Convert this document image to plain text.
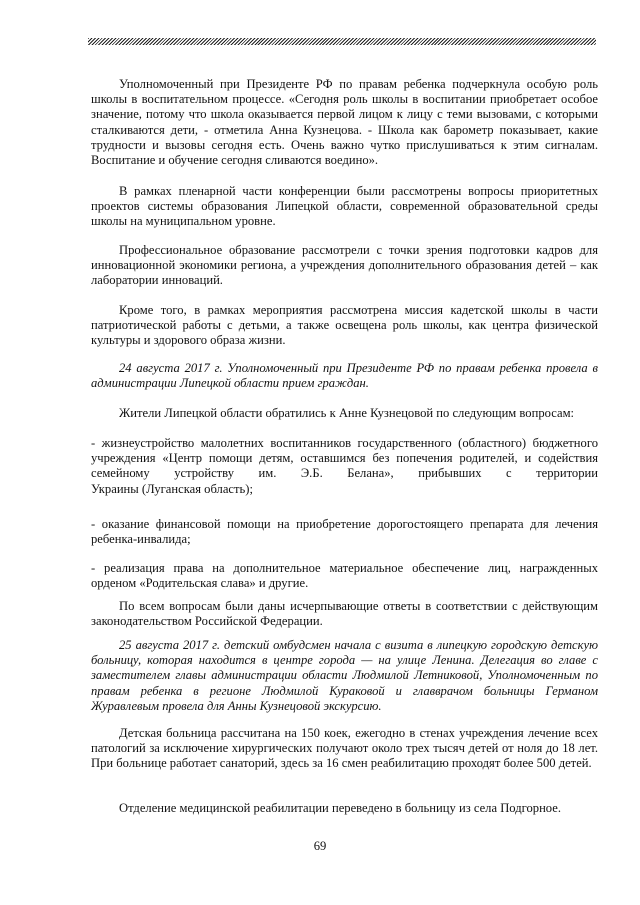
Уполномоченный при Президенте РФ по правам ребенка подчеркнула особую роль школы в воспитательном процессе. «Сегодня роль школы в воспитании приобретает особое значение, потому что школа оказывается первой лицом к лицу с теми вызовами, с которыми сталкиваются дети, - отметила Анна Кузнецова. - Школа как барометр показывает, какие трудности и вызовы сегодня есть. Очень важно чутко прислушиваться к этим сигналам. Воспитание и обучение сегодня сливаются воедино».

В рамках пленарной части конференции были рассмотрены вопросы приоритетных проектов системы образования Липецкой области, современной образовательной среды школы на муниципальном уровне.

Профессиональное образование рассмотрели с точки зрения подготовки кадров для инновационной экономики региона, а учреждения дополнительного образования детей – как лаборатории инноваций.

Кроме того, в рамках мероприятия рассмотрена миссия кадетской школы в части патриотической работы с детьми, а также освещена роль школы, как центра физической культуры и здорового образа жизни.

24 августа 2017 г. Уполномоченный при Президенте РФ по правам ребенка провела в администрации Липецкой области прием граждан.

Жители Липецкой области обратились к Анне Кузнецовой по следующим вопросам:

- жизнеустройство малолетних воспитанников государственного (областного) бюджетного учреждения «Центр помощи детям, оставшимся без попечения родителей, и содействия семейному устройству им. Э.Б. Белана», прибывших с территории
Украины (Луганская область);

- оказание финансовой помощи на приобретение дорогостоящего препарата для лечения ребенка-инвалида;

- реализация права на дополнительное материальное обеспечение лиц, награжденных орденом «Родительская слава» и другие.

По всем вопросам были даны исчерпывающие ответы в соответствии с действующим законодательством Российской Федерации.

25 августа 2017 г. детский омбудсмен начала с визита в липецкую городскую детскую больницу, которая находится в центре города — на улице Ленина. Делегация во главе с заместителем главы администрации области Людмилой Летниковой, Уполномоченным по правам ребенка в регионе Людмилой Кураковой и главврачом больницы Германом Журавлевым провела для Анны Кузнецовой экскурсию.

Детская больница рассчитана на 150 коек, ежегодно в стенах учреждения лечение всех патологий за исключение хирургических получают около трех тысяч детей от ноля до 18 лет. При больнице работает санаторий, здесь за 16 смен реабилитацию проходят более 500 детей.

Отделение медицинской реабилитации переведено в больницу из села Подгорное.

69
